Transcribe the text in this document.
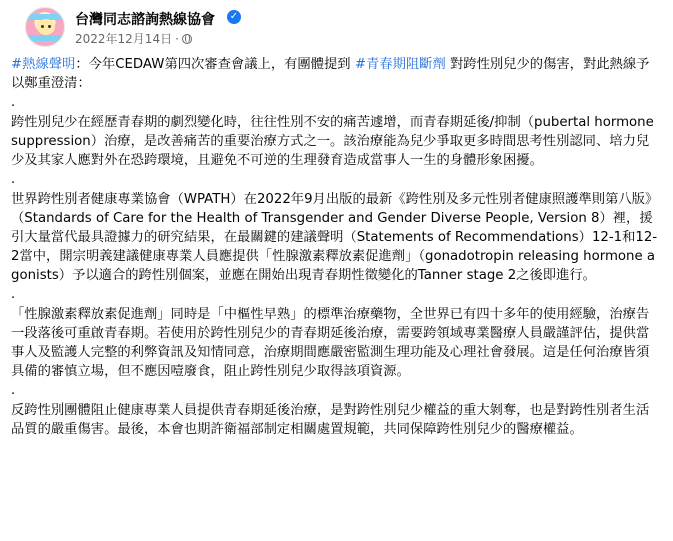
台灣同志諮詢熱線協會 ✓
2022年12月14日 ·

#熱線聲明：今年CEDAW第四次審查會議上，有團體提到 #青春期阻斷劑 對跨性別兒少的傷害，對此熱線予以鄭重澄清：

.

跨性別兒少在經歷青春期的劇烈變化時，往往性別不安的痛苦遽增，而青春期延後/抑制（pubertal hormone suppression）治療，是改善痛苦的重要治療方式之一。該治療能為兒少爭取更多時間思考性別認同、培力兒少及其家人應對外在恐跨環境，且避免不可逆的生理發育造成當事人一生的身體形象困擾。

.

世界跨性別者健康專業協會（WPATH）在2022年9月出版的最新《跨性別及多元性別者健康照護準則第八版》（Standards of Care for the Health of Transgender and Gender Diverse People, Version 8）裡，援引大量當代最具證據力的研究結果，在最關鍵的建議聲明（Statements of Recommendations）12-1和12-2當中，開宗明義建議健康專業人員應提供「性腺激素釋放素促進劑」（gonadotropin releasing hormone agonists）予以適合的跨性別個案，並應在開始出現青春期性徵變化的Tanner stage 2之後即進行。

.

「性腺激素釋放素促進劑」同時是「中樞性早熟」的標準治療藥物，全世界已有四十多年的使用經驗，治療告一段落後可重啟青春期。若使用於跨性別兒少的青春期延後治療，需要跨領域專業醫療人員嚴謹評估，提供當事人及監護人完整的利弊資訊及知情同意，治療期間應嚴密監測生理功能及心理社會發展。這是任何治療皆須具備的審慎立場，但不應因噎廢食，阻止跨性別兒少取得該項資源。

.

反跨性別團體阻止健康專業人員提供青春期延後治療，是對跨性別兒少權益的重大剝奪，也是對跨性別者生活品質的嚴重傷害。最後，本會也期許衛福部制定相關處置規範，共同保障跨性別兒少的醫療權益。
